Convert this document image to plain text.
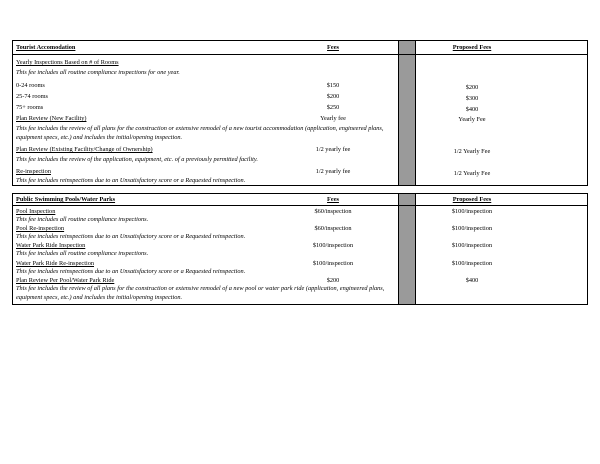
Tourist Accomodation	Fees	Proposed Fees
Yearly Inspections Based on # of Rooms
This fee includes all routine compliance inspections for one year.
0-24 rooms	$150	$200
25-74 rooms	$200	$300
75+ rooms	$250	$400
Plan Review (New Facility)	Yearly fee	Yearly Fee
This fee includes the review of all plans for the construction or extensive remodel of a new tourist accommodation (application, engineered plans, equipment specs, etc.) and includes the initial/opening inspection.
Plan Review (Existing Facility/Change of Ownership)	1/2 yearly fee	1/2 Yearly Fee
This fee includes the review of the application, equipment, etc. of a previously permitted facility.
Re-inspection	1/2 yearly fee	1/2 Yearly Fee
This fee includes reinspections due to an Unsatisfactory score or a Requested reinspection.
Public Swimming Pools/Water Parks	Fees	Proposed Fees
Pool Inspection	$60/inspection	$100/inspection
This fee includes all routine compliance inspections.
Pool Re-inspection	$60/inspection	$100/inspection
This fee includes reinspections due to an Unsatisfactory score or a Requested reinspection.
Water Park Ride Inspection	$100/inspection	$100/inspection
This fee includes all routine compliance inspections.
Water Park Ride Re-inspection	$100/inspection	$100/inspection
This fee includes reinspections due to an Unsatisfactory score or a Requested reinspection.
Plan Review Per Pool/Water Park Ride	$200	$400
This fee includes the review of all plans for the construction or extensive remodel of a new pool or water park ride (application, engineered plans, equipment specs, etc.) and includes the initial/opening inspection.
